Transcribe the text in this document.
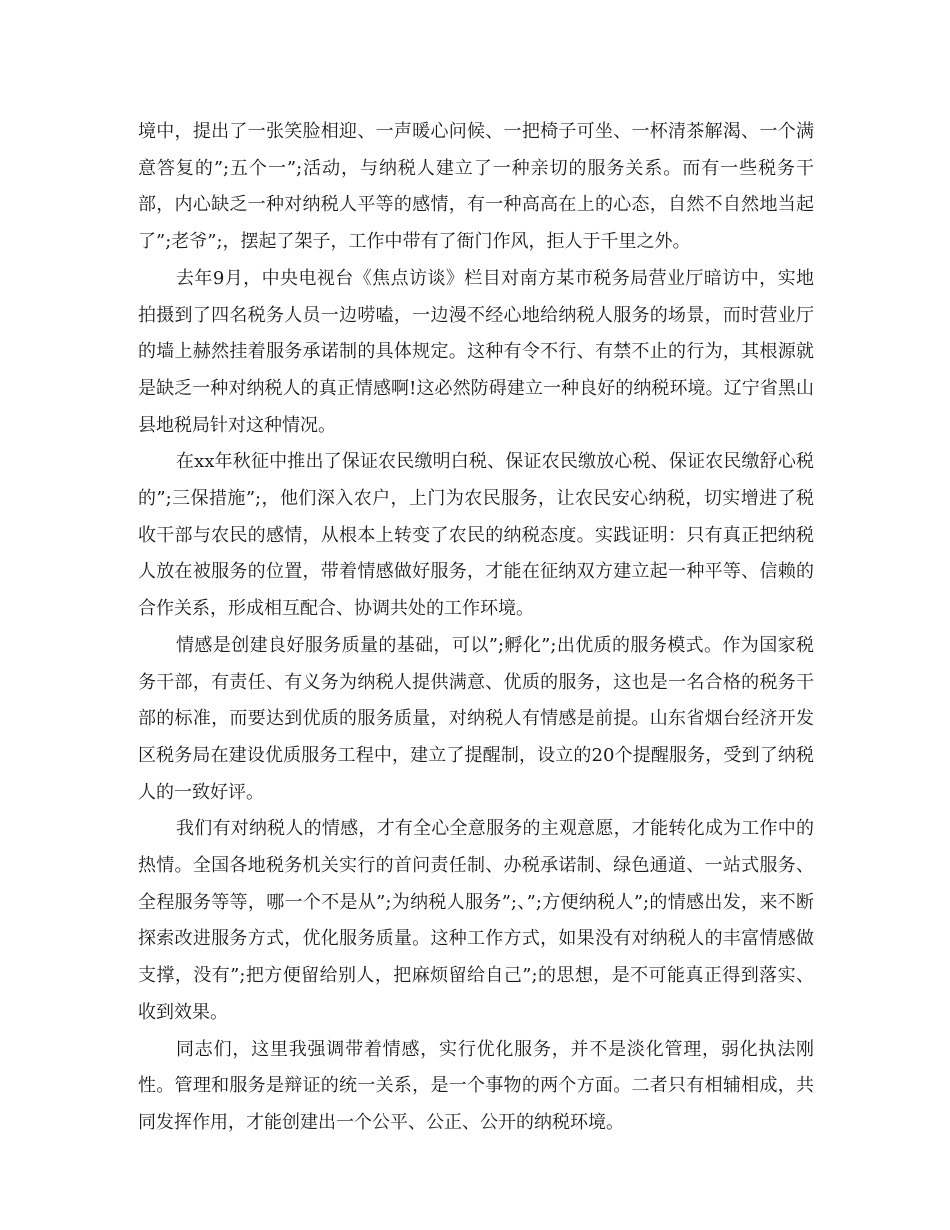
境中，提出了一张笑脸相迎、一声暖心问候、一把椅子可坐、一杯清茶解渴、一个满意答复的”;五个一”;活动，与纳税人建立了一种亲切的服务关系。而有一些税务干部，内心缺乏一种对纳税人平等的感情，有一种高高在上的心态，自然不自然地当起了”;老爷”;，摆起了架子，工作中带有了衙门作风，拒人于千里之外。

去年9月，中央电视台《焦点访谈》栏目对南方某市税务局营业厅暗访中，实地拍摄到了四名税务人员一边唠嗑，一边漫不经心地给纳税人服务的场景，而时营业厅的墙上赫然挂着服务承诺制的具体规定。这种有令不行、有禁不止的行为，其根源就是缺乏一种对纳税人的真正情感啊!这必然防碍建立一种良好的纳税环境。辽宁省黑山县地税局针对这种情况。

在xx年秋征中推出了保证农民缴明白税、保证农民缴放心税、保证农民缴舒心税的”;三保措施”;，他们深入农户，上门为农民服务，让农民安心纳税，切实增进了税收干部与农民的感情，从根本上转变了农民的纳税态度。实践证明：只有真正把纳税人放在被服务的位置，带着情感做好服务，才能在征纳双方建立起一种平等、信赖的合作关系，形成相互配合、协调共处的工作环境。

情感是创建良好服务质量的基础，可以”;孵化”;出优质的服务模式。作为国家税务干部，有责任、有义务为纳税人提供满意、优质的服务，这也是一名合格的税务干部的标准，而要达到优质的服务质量，对纳税人有情感是前提。山东省烟台经济开发区税务局在建设优质服务工程中，建立了提醒制，设立的20个提醒服务，受到了纳税人的一致好评。

我们有对纳税人的情感，才有全心全意服务的主观意愿，才能转化成为工作中的热情。全国各地税务机关实行的首问责任制、办税承诺制、绿色通道、一站式服务、全程服务等等，哪一个不是从”;为纳税人服务”;、”;方便纳税人”;的情感出发，来不断探索改进服务方式，优化服务质量。这种工作方式，如果没有对纳税人的丰富情感做支撑，没有”;把方便留给别人，把麻烦留给自己”;的思想，是不可能真正得到落实、收到效果。

同志们，这里我强调带着情感，实行优化服务，并不是淡化管理，弱化执法刚性。管理和服务是辩证的统一关系，是一个事物的两个方面。二者只有相辅相成，共同发挥作用，才能创建出一个公平、公正、公开的纳税环境。
